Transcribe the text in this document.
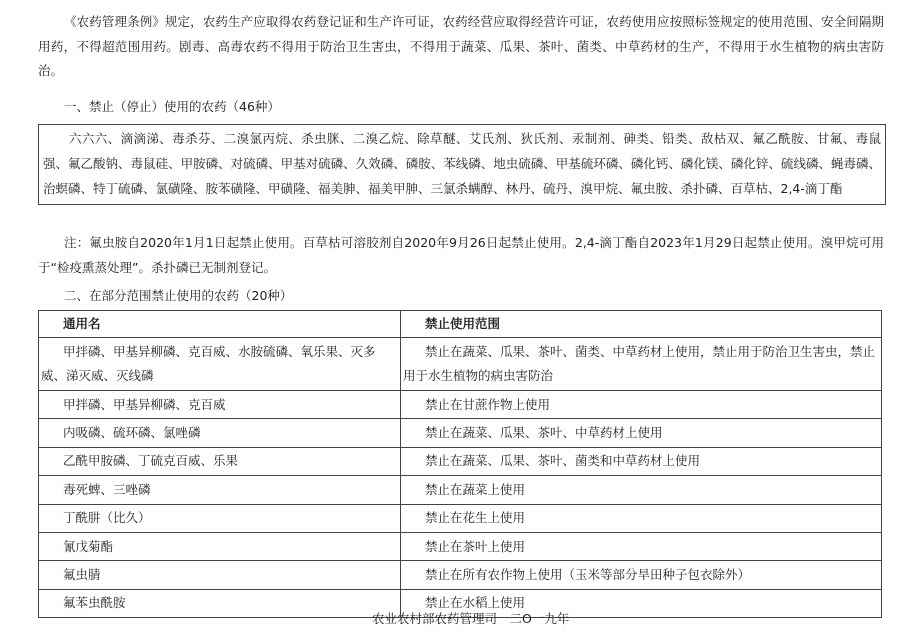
《农药管理条例》规定，农药生产应取得农药登记证和生产许可证，农药经营应取得经营许可证，农药使用应按照标签规定的使用范围、安全间隔期用药，不得超范围用药。剧毒、高毒农药不得用于防治卫生害虫，不得用于蔬菜、瓜果、茶叶、菌类、中草药材的生产，不得用于水生植物的病虫害防治。

一、禁止（停止）使用的农药（46种）

六六六、滴滴涕、毒杀芬、二溴氯丙烷、杀虫脒、二溴乙烷、除草醚、艾氏剂、狄氏剂、汞制剂、砷类、铅类、敌枯双、氟乙酰胺、甘氟、毒鼠强、氟乙酸钠、毒鼠硅、甲胺磷、对硫磷、甲基对硫磷、久效磷、磷胺、苯线磷、地虫硫磷、甲基硫环磷、磷化钙、磷化镁、磷化锌、硫线磷、蝇毒磷、治螟磷、特丁硫磷、氯磺隆、胺苯磺隆、甲磺隆、福美胂、福美甲胂、三氯杀螨醇、林丹、硫丹、溴甲烷、氟虫胺、杀扑磷、百草枯、2,4-滴丁酯

注：氟虫胺自2020年1月1日起禁止使用。百草枯可溶胶剂自2020年9月26日起禁止使用。2,4-滴丁酯自2023年1月29日起禁止使用。溴甲烷可用于“检疫熏蒸处理”。杀扑磷已无制剂登记。

二、在部分范围禁止使用的农药（20种）

通用名	禁止使用范围
甲拌磷、甲基异柳磷、克百威、水胺硫磷、氧乐果、灭多威、涕灭威、灭线磷	禁止在蔬菜、瓜果、茶叶、菌类、中草药材上使用，禁止用于防治卫生害虫，禁止用于水生植物的病虫害防治
甲拌磷、甲基异柳磷、克百威	禁止在甘蔗作物上使用
内吸磷、硫环磷、氯唑磷	禁止在蔬菜、瓜果、茶叶、中草药材上使用
乙酰甲胺磷、丁硫克百威、乐果	禁止在蔬菜、瓜果、茶叶、菌类和中草药材上使用
毒死蜱、三唑磷	禁止在蔬菜上使用
丁酰肼（比久）	禁止在花生上使用
氰戊菊酯	禁止在茶叶上使用
氟虫腈	禁止在所有农作物上使用（玉米等部分旱田种子包衣除外）
氟苯虫酰胺	禁止在水稻上使用

农业农村部农药管理司　二O一九年
